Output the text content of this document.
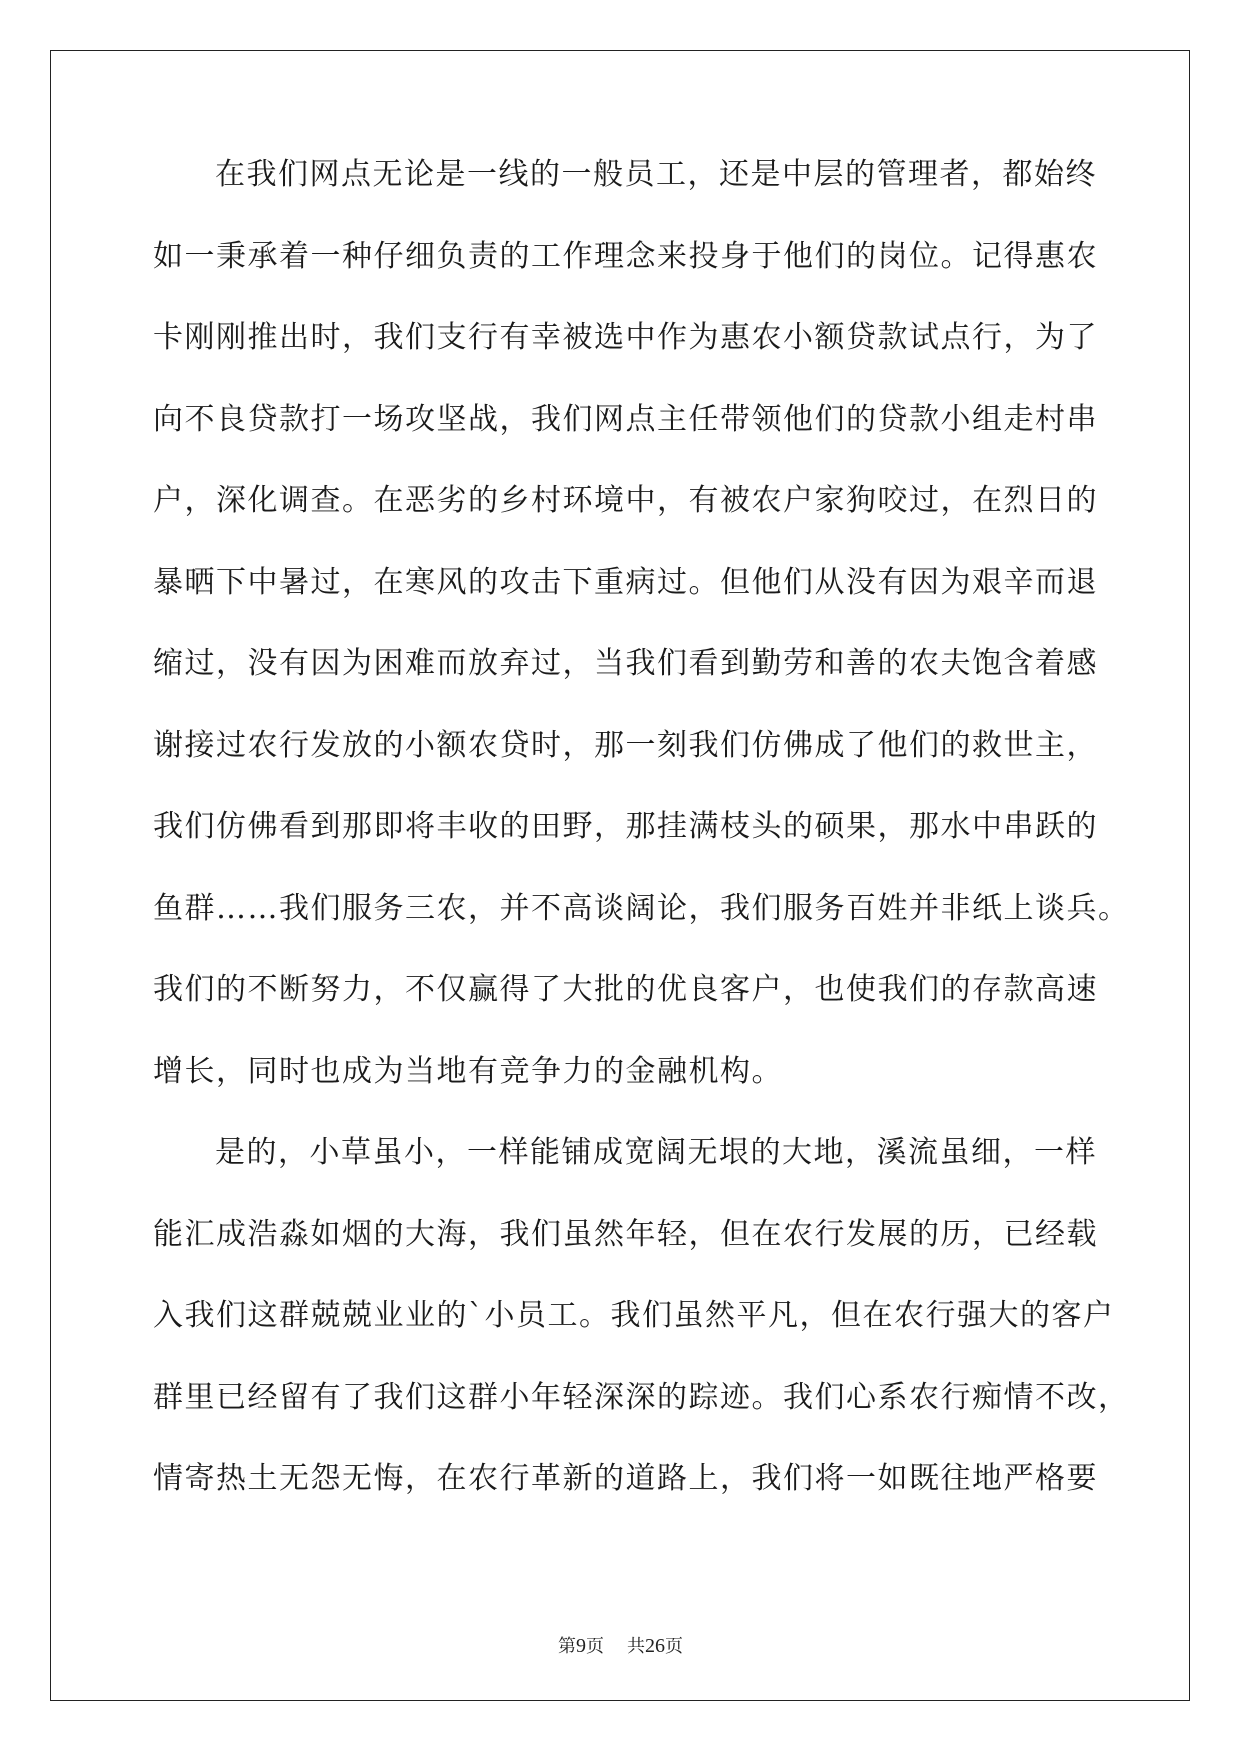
在我们网点无论是一线的一般员工，还是中层的管理者，都始终
如一秉承着一种仔细负责的工作理念来投身于他们的岗位。记得惠农
卡刚刚推出时，我们支行有幸被选中作为惠农小额贷款试点行，为了
向不良贷款打一场攻坚战，我们网点主任带领他们的贷款小组走村串
户，深化调查。在恶劣的乡村环境中，有被农户家狗咬过，在烈日的
暴晒下中暑过，在寒风的攻击下重病过。但他们从没有因为艰辛而退
缩过，没有因为困难而放弃过，当我们看到勤劳和善的农夫饱含着感
谢接过农行发放的小额农贷时，那一刻我们仿佛成了他们的救世主，
我们仿佛看到那即将丰收的田野，那挂满枝头的硕果，那水中串跃的
鱼群……我们服务三农，并不高谈阔论，我们服务百姓并非纸上谈兵。
我们的不断努力，不仅赢得了大批的优良客户，也使我们的存款高速
增长，同时也成为当地有竞争力的金融机构。
是的，小草虽小，一样能铺成宽阔无垠的大地，溪流虽细，一样
能汇成浩淼如烟的大海，我们虽然年轻，但在农行发展的历，已经载
入我们这群兢兢业业的`小员工。我们虽然平凡，但在农行强大的客户
群里已经留有了我们这群小年轻深深的踪迹。我们心系农行痴情不改，
情寄热土无怨无悔，在农行革新的道路上，我们将一如既往地严格要
第9页 共26页
